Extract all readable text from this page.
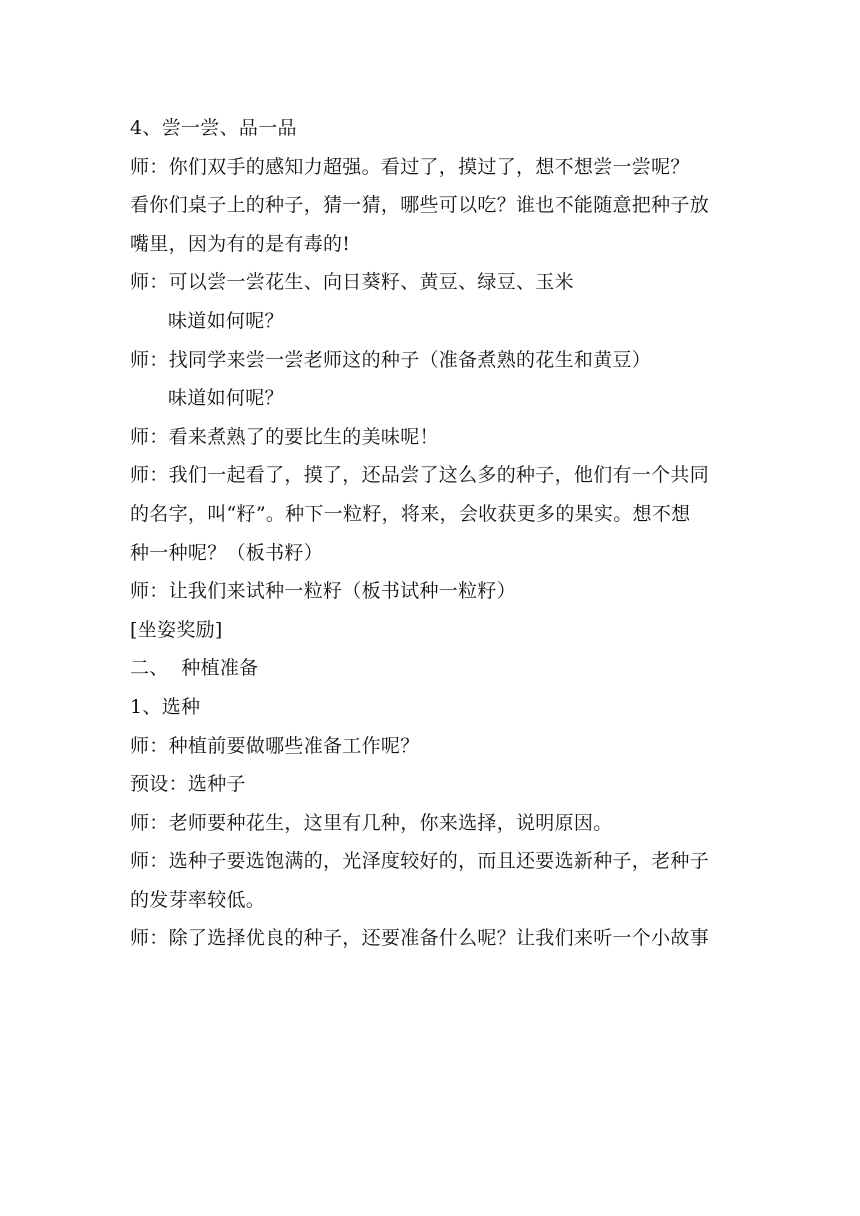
4、尝一尝、品一品
师：你们双手的感知力超强。看过了，摸过了，想不想尝一尝呢？
看你们桌子上的种子，猜一猜，哪些可以吃？谁也不能随意把种子放
嘴里，因为有的是有毒的!
师：可以尝一尝花生、向日葵籽、黄豆、绿豆、玉米
味道如何呢？
师：找同学来尝一尝老师这的种子（准备煮熟的花生和黄豆）
味道如何呢？
师：看来煮熟了的要比生的美味呢！
师：我们一起看了，摸了，还品尝了这么多的种子，他们有一个共同
的名字，叫“籽”。种下一粒籽，将来，会收获更多的果实。想不想
种一种呢？（板书籽）
师：让我们来试种一粒籽（板书试种一粒籽）
[坐姿奖励]
二、  种植准备
1、选种
师：种植前要做哪些准备工作呢？
预设：选种子
师：老师要种花生，这里有几种，你来选择，说明原因。
师：选种子要选饱满的，光泽度较好的，而且还要选新种子，老种子
的发芽率较低。
师：除了选择优良的种子，还要准备什么呢？让我们来听一个小故事
